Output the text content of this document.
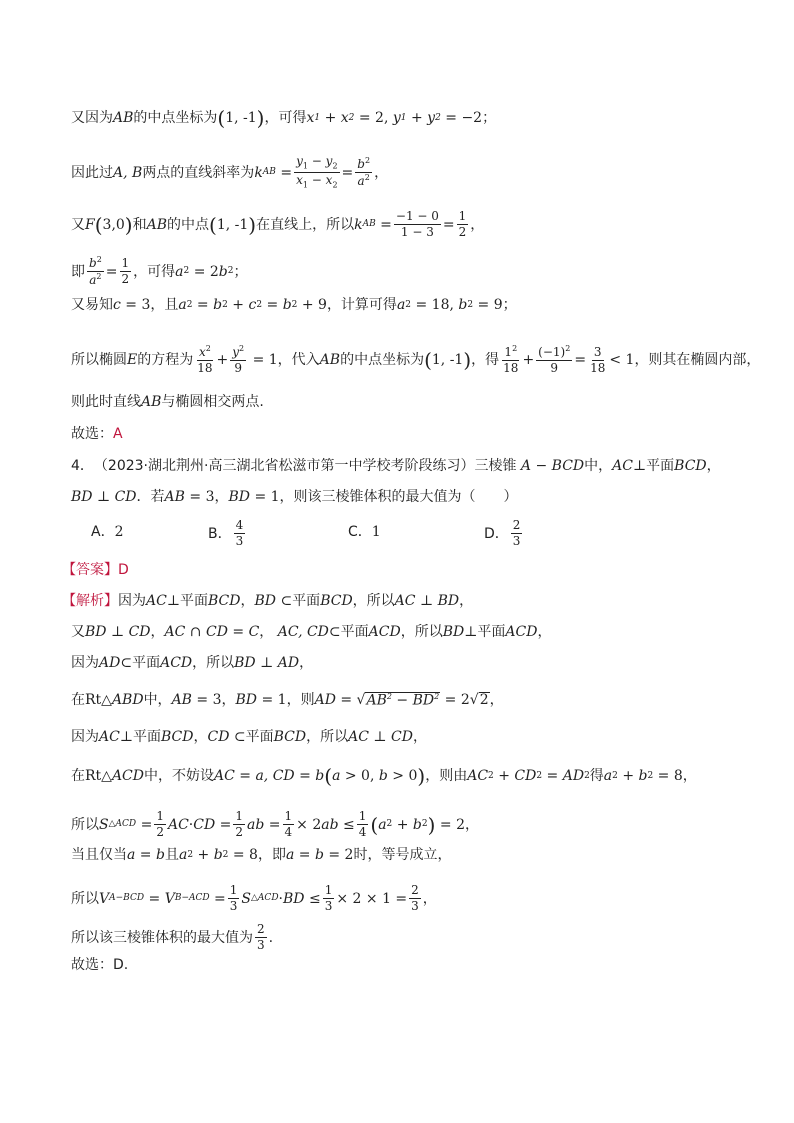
又因为 AB 的中点坐标为 ( 1, -1 ) ，可得 x 1 + x 2 = 2, y 1 + y 2 = −2 ；
因此过 A, B 两点的直线斜率为 k AB = $\frac{y_1 - y_2}{x_1 - x_2} = \frac{b^2}{a^2}$ ，
又 F ( 3,0 ) 和 AB 的中点 ( 1, -1 ) 在直线上，所以 k AB = $\frac{-1 - 0}{1 - 3} = \frac{1}{2}$ ，
即 $\frac{b^2}{a^2} = \frac{1}{2}$ ，可得 a 2 = 2 b 2 ；
又易知 c = 3 ，且 a 2 = b 2 + c 2 = b 2 + 9 ，计算可得 a 2 = 18, b 2 = 9 ；
所以椭圆 E 的方程为 $\frac{x^2}{18} + \frac{y^2}{9} = 1$ ，代入 AB 的中点坐标为 ( 1, -1 ) ，得 $\frac{1^2}{18} + \frac{(-1)^2}{9} = \frac{3}{18} < 1$ ，则其在椭圆内部，
则此时直线 AB 与椭圆相交两点.
故选： A
4． （2023·湖北荆州·高三湖北省松滋市第一中学校考阶段练习）三棱锥 A − BCD 中， AC ⊥ 平面 BCD ，
BD ⊥ CD ．若 AB = 3 ， BD = 1 ，则该三棱锥体积的最大值为（　　）
A． 2	B． $\frac{4}{3}$	C． 1	D． $\frac{2}{3}$
【答案】 D
【解析】 因为 AC ⊥ 平面 BCD ， BD ⊂ 平面 BCD ，所以 AC ⊥ BD ，
又 BD ⊥ CD ， AC ∩ CD = C ， AC, CD ⊂ 平面 ACD ，所以 BD ⊥ 平面 ACD ，
因为 AD ⊂ 平面 ACD ，所以 BD ⊥ AD ，
在 Rt△ ABD 中， AB = 3 ， BD = 1 ，则 AD = √ $AB^2 - BD^2 = 2√$ 2 ，
因为 AC ⊥ 平面 BCD ， CD ⊂ 平面 BCD ，所以 AC ⊥ CD ，
在 Rt△ ACD 中，不妨设 AC = a, CD = b ( a > 0, b > 0 ) ，则由 AC 2 + CD 2 = AD 2 得 a 2 + b 2 = 8 ，
所以 S △ACD = $\frac{1}{2}$ AC · CD = $\frac{1}{2}$ ab = $\frac{1}{4} \times 2$ ab ≤ $\frac{1}{4}$ ( a 2 + b 2 ) = 2 ，
当且仅当 a = b 且 a 2 + b 2 = 8 ，即 a = b = 2 时，等号成立，
所以 V A−BCD = V $B-ACD = \frac{1}{3}$ S △ACD · BD ≤ $\frac{1}{3} \times 2 \times 1 = \frac{2}{3}$ ，
所以该三棱锥体积的最大值为 $\frac{2}{3}$ .
故选：D.
